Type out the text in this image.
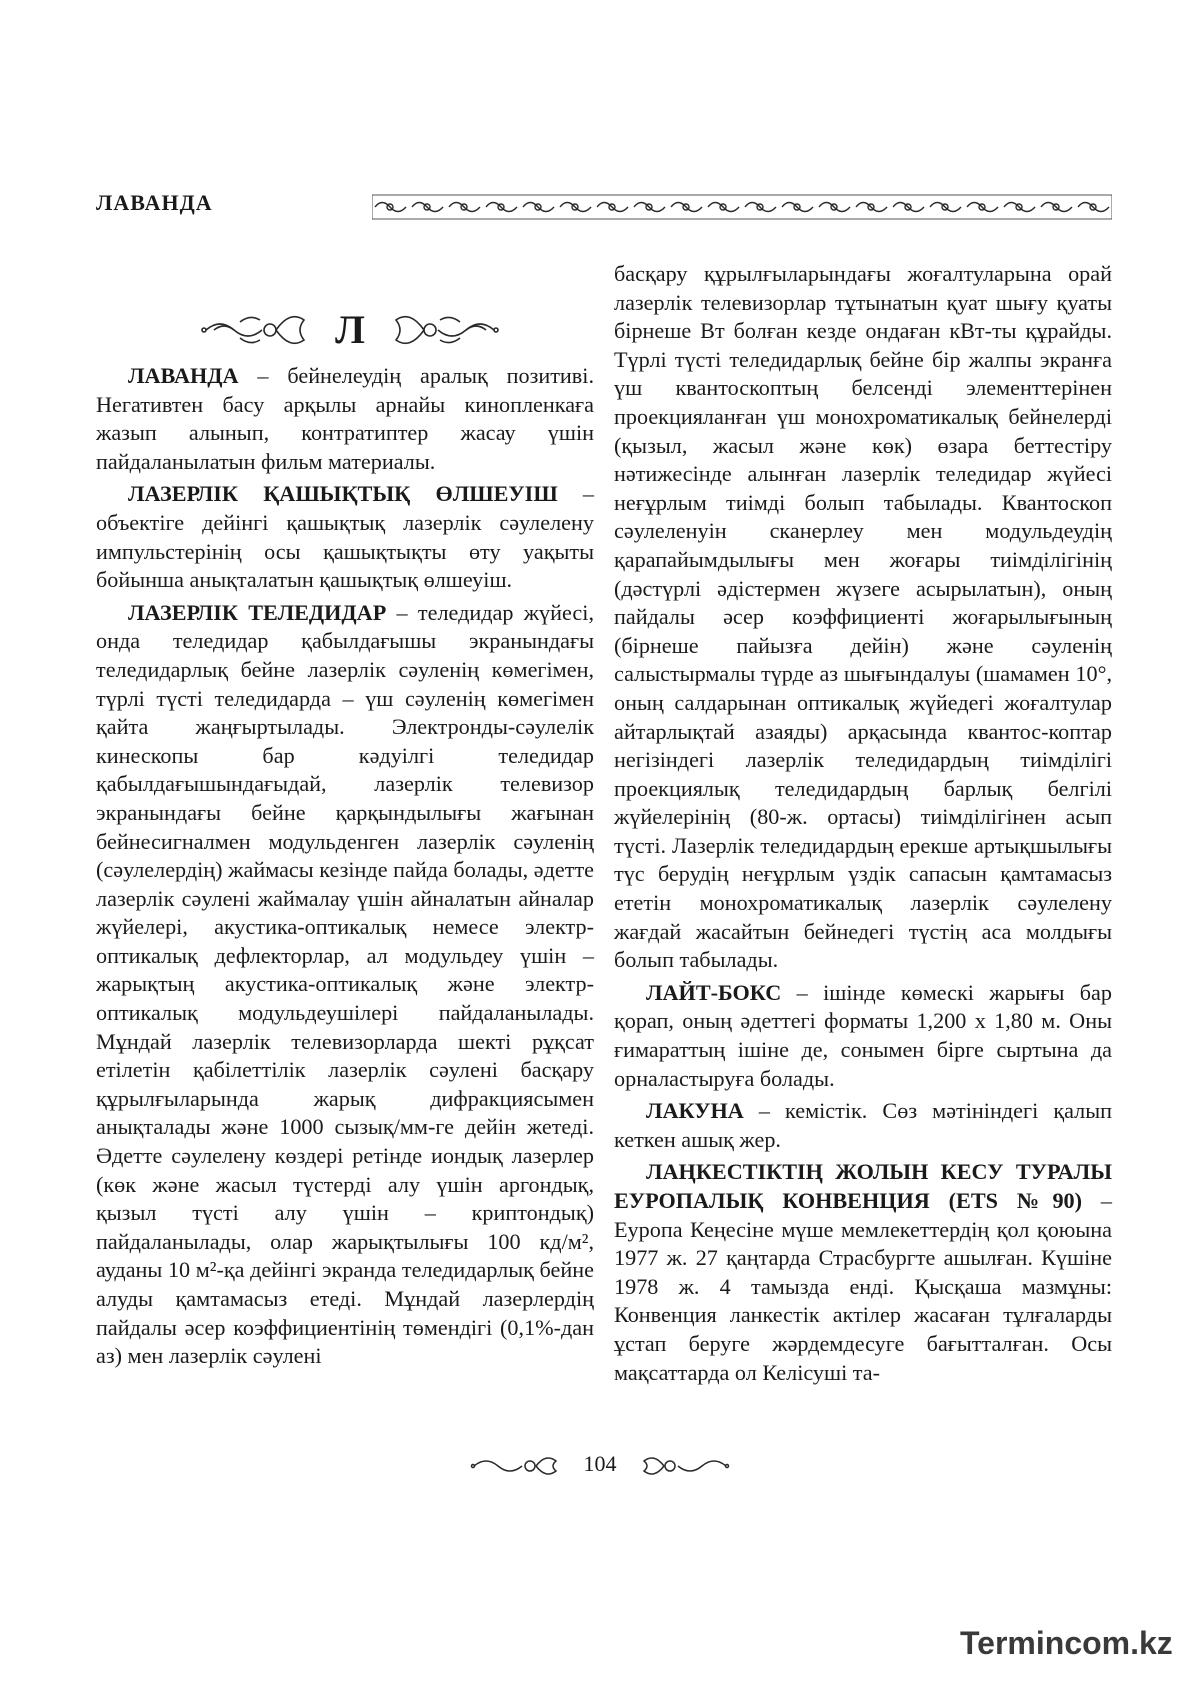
ЛАВАНДА
Л

ЛАВАНДА – бейнелеудің аралық позитиві. Негативтен басу арқылы арнайы кинопленкаға жазып алынып, контратиптер жасау үшін пайдаланылатын фильм материалы.

ЛАЗЕРЛІК ҚАШЫҚТЫҚ ӨЛШЕУІШ – объектіге дейінгі қашықтық лазерлік сәулелену импульстерінің осы қашықтықты өту уақыты бойынша анықталатын қашықтық өлшеуіш.

ЛАЗЕРЛІК ТЕЛЕДИДАР – теледидар жүйесі, онда теледидар қабылдағышы экранындағы теледидарлық бейне лазерлік сәуленің көмегімен, түрлі түсті теледидарда – үш сәуленің көмегімен қайта жаңғыртылады. Электронды-сәулелік кинескопы бар кәдуілгі теледидар қабылдағышындағыдай, лазерлік телевизор экранындағы бейне қарқындылығы жағынан бейнесигналмен модульденген лазерлік сәуленің (сәулелердің) жаймасы кезінде пайда болады, әдетте лазерлік сәулені жаймалау үшін айналатын айналар жүйелері, акустика-оптикалық немесе электр-оптикалық дефлекторлар, ал модульдеу үшін – жарықтың акустика-оптикалық және электр-оптикалық модульдеушілері пайдаланылады. Мұндай лазерлік телевизорларда шекті рұқсат етілетін қабілеттілік лазерлік сәулені басқару құрылғыларында жарық дифракциясымен анықталады және 1000 сызық/мм-ге дейін жетеді. Әдетте сәулелену көздері ретінде иондық лазерлер (көк және жасыл түстерді алу үшін аргондық, қызыл түсті алу үшін – криптондық) пайдаланылады, олар жарықтылығы 100 кд/м², ауданы 10 м²-қа дейінгі экранда теледидарлық бейне алуды қамтамасыз етеді. Мұндай лазерлердің пайдалы әсер коэффициентінің төмендігі (0,1%-дан аз) мен лазерлік сәулені

басқару құрылғыларындағы жоғалтуларына орай лазерлік телевизорлар тұтынатын қуат шығу қуаты бірнеше Вт болған кезде ондаған кВт-ты құрайды. Түрлі түсті теледидарлық бейне бір жалпы экранға үш квантоскоптың белсенді элементтерінен проекцияланған үш монохроматикалық бейнелерді (қызыл, жасыл және көк) өзара беттестіру нәтижесінде алынған лазерлік теледидар жүйесі неғұрлым тиімді болып табылады. Квантоскоп сәулеленуін сканерлеу мен модульдеудің қарапайымдылығы мен жоғары тиімділігінің (дәстүрлі әдістермен жүзеге асырылатын), оның пайдалы әсер коэффициенті жоғарылығының (бірнеше пайызға дейін) және сәуленің салыстырмалы түрде аз шығындалуы (шамамен 10°, оның салдарынан оптикалық жүйедегі жоғалтулар айтарлықтай азаяды) арқасында квантос-коптар негізіндегі лазерлік теледидардың тиімділігі проекциялық теледидардың барлық белгілі жүйелерінің (80-ж. ортасы) тиімділігінен асып түсті. Лазерлік теледидардың ерекше артықшылығы түс берудің неғұрлым үздік сапасын қамтамасыз ететін монохроматикалық лазерлік сәулелену жағдай жасайтын бейнедегі түстің аса молдығы болып табылады.

ЛАЙТ-БОКС – ішінде көмескі жарығы бар қорап, оның әдеттегі форматы 1,200 х 1,80 м. Оны ғимараттың ішіне де, сонымен бірге сыртына да орналастыруға болады.

ЛАКУНА – кемістік. Сөз мәтініндегі қалып кеткен ашық жер.

ЛАҢКЕСТІКТІҢ ЖОЛЫН КЕСУ ТУРАЛЫ ЕУРОПАЛЫҚ КОНВЕНЦИЯ (ETS №90) – Еуропа Кеңесіне мүше мемлекеттердің қол қоюына 1977 ж. 27 қаңтарда Страсбургте ашылған. Күшіне 1978 ж. 4 тамызда енді. Қысқаша мазмұны: Конвенция ланкестік актілер жасаған тұлғаларды ұстап беруге жәрдемдесуге бағытталған. Осы мақсаттарда ол Келісуші та-

104
Termincom.kz
